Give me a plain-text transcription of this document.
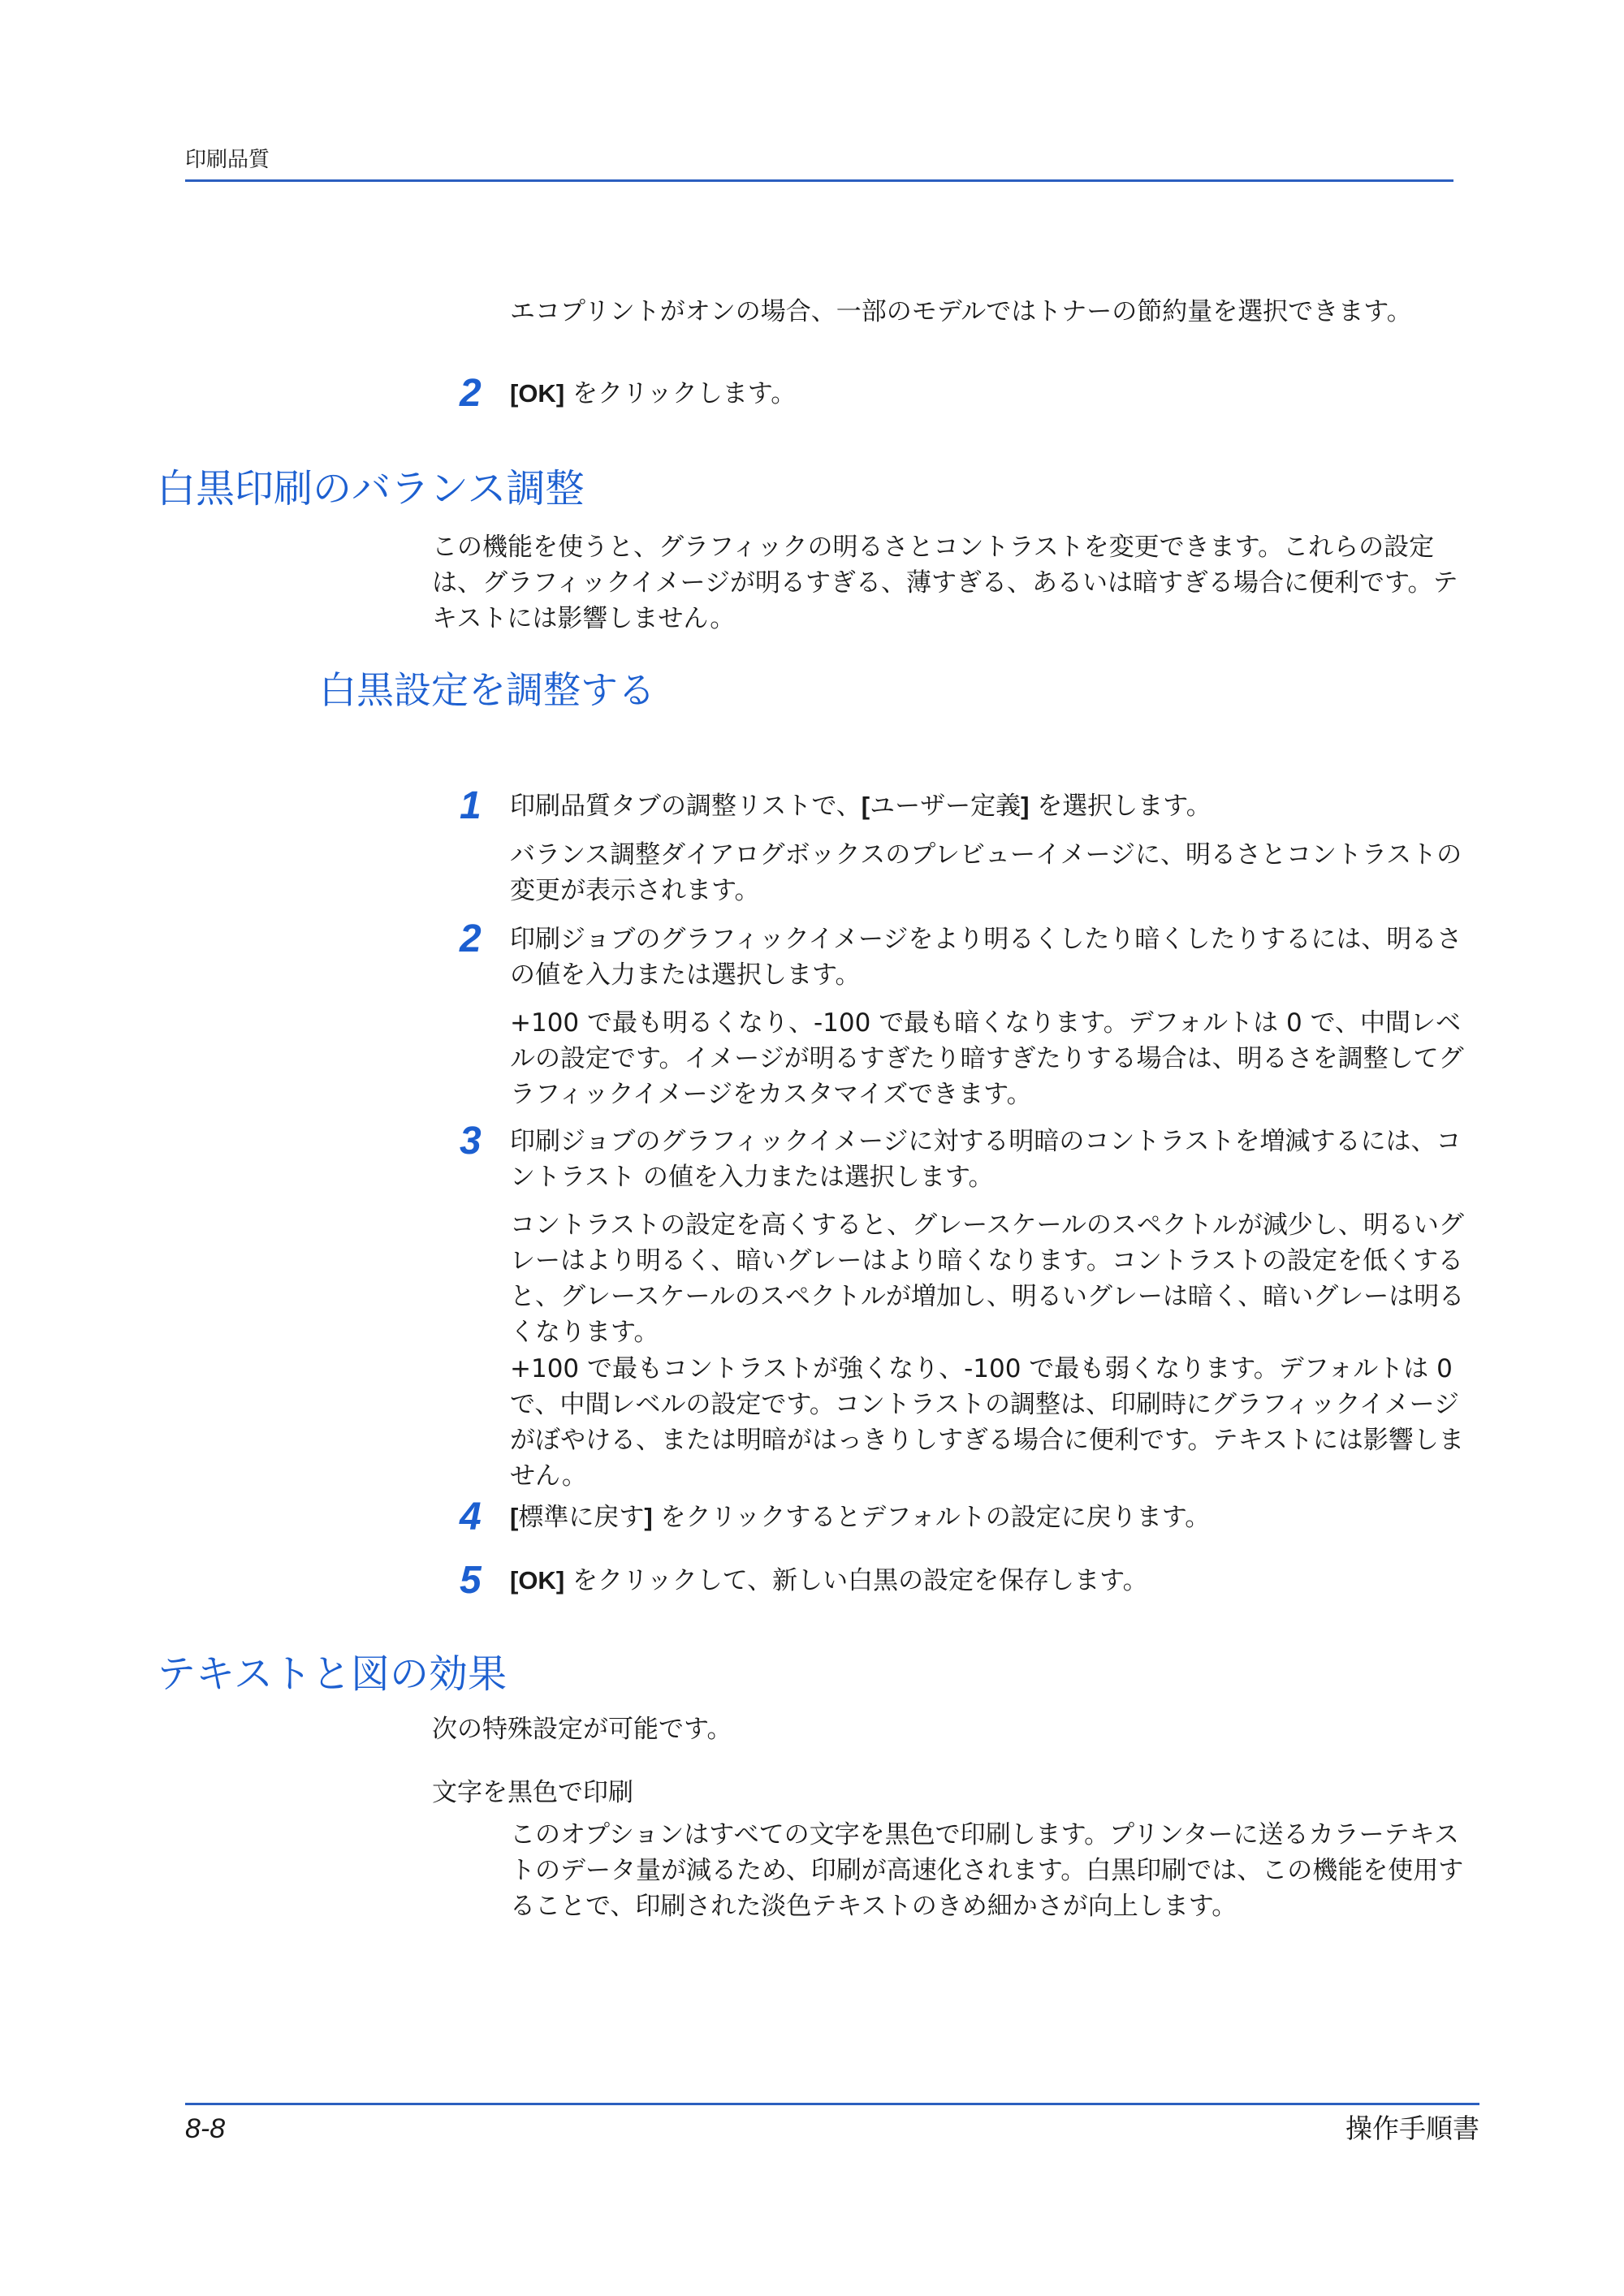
印刷品質
エコプリントがオンの場合、一部のモデルではトナーの節約量を選択できます。
2 [OK] をクリックします。
白黒印刷のバランス調整
この機能を使うと、グラフィックの明るさとコントラストを変更できます。これらの設定は、グラフィックイメージが明るすぎる、薄すぎる、あるいは暗すぎる場合に便利です。テキストには影響しません。
白黒設定を調整する
1 印刷品質タブの調整リストで、[ユーザー定義] を選択します。
バランス調整ダイアログボックスのプレビューイメージに、明るさとコントラストの変更が表示されます。
2 印刷ジョブのグラフィックイメージをより明るくしたり暗くしたりするには、明るさの値を入力または選択します。
+100 で最も明るくなり、-100 で最も暗くなります。デフォルトは 0 で、中間レベルの設定です。イメージが明るすぎたり暗すぎたりする場合は、明るさを調整してグラフィックイメージをカスタマイズできます。
3 印刷ジョブのグラフィックイメージに対する明暗のコントラストを増減するには、コントラスト の値を入力または選択します。
コントラストの設定を高くすると、グレースケールのスペクトルが減少し、明るいグレーはより明るく、暗いグレーはより暗くなります。コントラストの設定を低くすると、グレースケールのスペクトルが増加し、明るいグレーは暗く、暗いグレーは明るくなります。
+100 で最もコントラストが強くなり、-100 で最も弱くなります。デフォルトは 0 で、中間レベルの設定です。コントラストの調整は、印刷時にグラフィックイメージがぼやける、または明暗がはっきりしすぎる場合に便利です。テキストには影響しません。
4 [標準に戻す] をクリックするとデフォルトの設定に戻ります。
5 [OK] をクリックして、新しい白黒の設定を保存します。
テキストと図の効果
次の特殊設定が可能です。
文字を黒色で印刷
このオプションはすべての文字を黒色で印刷します。プリンターに送るカラーテキストのデータ量が減るため、印刷が高速化されます。白黒印刷では、この機能を使用することで、印刷された淡色テキストのきめ細かさが向上します。
8-8	操作手順書
